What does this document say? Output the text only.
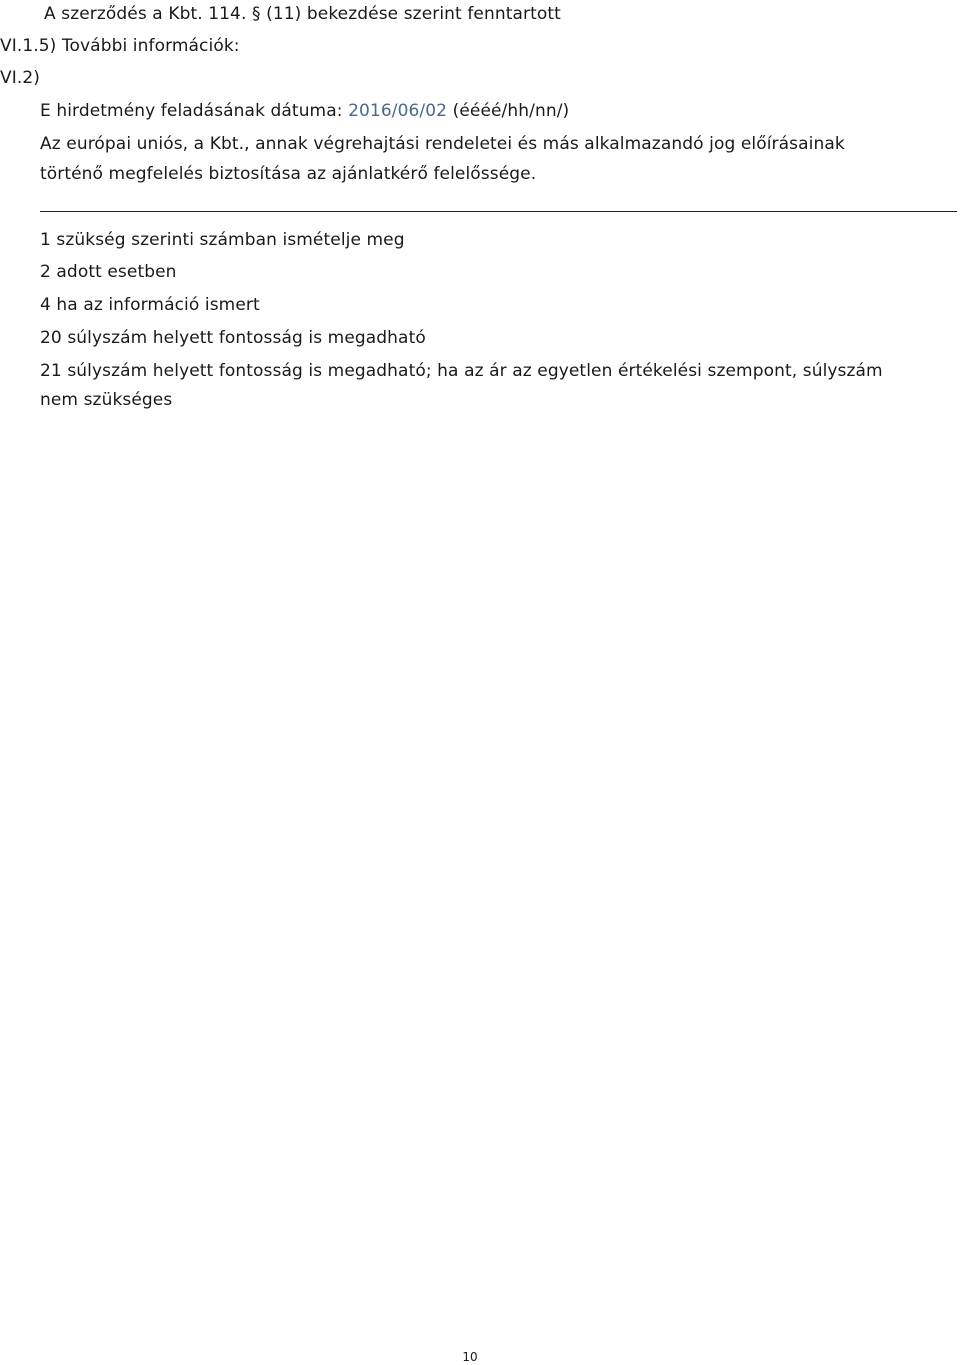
A szerződés a Kbt. 114. § (11) bekezdése szerint fenntartott
VI.1.5) További információk:
VI.2)
E hirdetmény feladásának dátuma: 2016/06/02 (éééé/hh/nn/)
Az európai uniós, a Kbt., annak végrehajtási rendeletei és más alkalmazandó jog előírásainak
történő megfelelés biztosítása az ajánlatkérő felelőssége.
1 szükség szerinti számban ismételje meg
2 adott esetben
4 ha az információ ismert
20 súlyszám helyett fontosság is megadható
21 súlyszám helyett fontosság is megadható; ha az ár az egyetlen értékelési szempont, súlyszám
nem szükséges
10
